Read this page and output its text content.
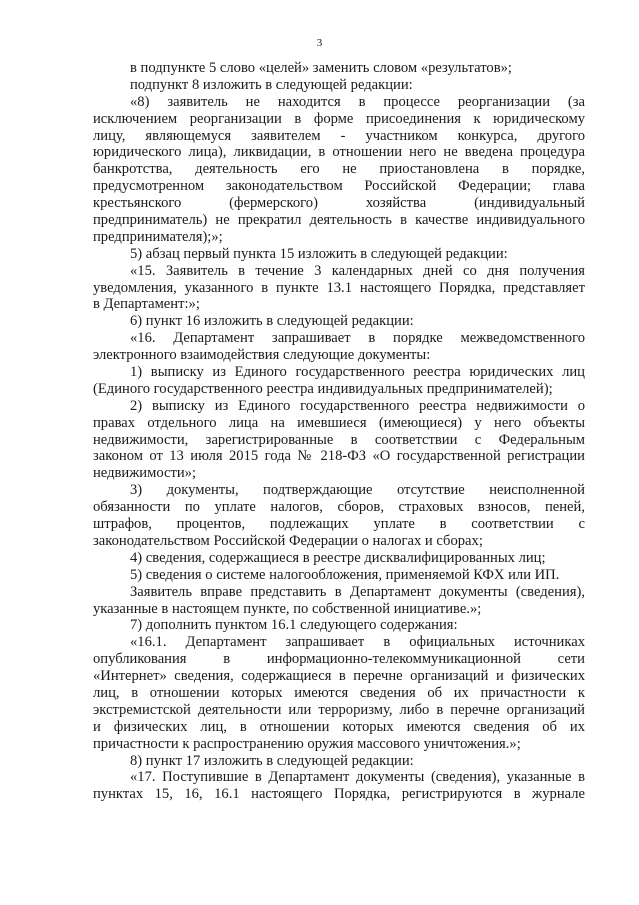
3
в подпункте 5 слово «целей» заменить словом «результатов»;
подпункт 8 изложить в следующей редакции:
«8) заявитель не находится в процессе реорганизации (за
исключением реорганизации в форме присоединения к юридическому
лицу, являющемуся заявителем - участником конкурса, другого
юридического лица), ликвидации, в отношении него не введена процедура
банкротства, деятельность его не приостановлена в порядке,
предусмотренном законодательством Российской Федерации; глава
крестьянского (фермерского) хозяйства (индивидуальный
предприниматель) не прекратил деятельность в качестве индивидуального
предпринимателя);»;
5) абзац первый пункта 15 изложить в следующей редакции:
«15. Заявитель в течение 3 календарных дней со дня получения
уведомления, указанного в пункте 13.1 настоящего Порядка, представляет
в Департамент:»;
6) пункт 16 изложить в следующей редакции:
«16. Департамент запрашивает в порядке межведомственного
электронного взаимодействия следующие документы:
1) выписку из Единого государственного реестра юридических лиц
(Единого государственного реестра индивидуальных предпринимателей);
2) выписку из Единого государственного реестра недвижимости о
правах отдельного лица на имевшиеся (имеющиеся) у него объекты
недвижимости, зарегистрированные в соответствии с Федеральным
законом от 13 июля 2015 года № 218-ФЗ «О государственной регистрации
недвижимости»;
3) документы, подтверждающие отсутствие неисполненной
обязанности по уплате налогов, сборов, страховых взносов, пеней,
штрафов, процентов, подлежащих уплате в соответствии с
законодательством Российской Федерации о налогах и сборах;
4) сведения, содержащиеся в реестре дисквалифицированных лиц;
5) сведения о системе налогообложения, применяемой КФХ или ИП.
Заявитель вправе представить в Департамент документы (сведения),
указанные в настоящем пункте, по собственной инициативе.»;
7) дополнить пунктом 16.1 следующего содержания:
«16.1. Департамент запрашивает в официальных источниках
опубликования в информационно-телекоммуникационной сети
«Интернет» сведения, содержащиеся в перечне организаций и физических
лиц, в отношении которых имеются сведения об их причастности к
экстремистской деятельности или терроризму, либо в перечне организаций
и физических лиц, в отношении которых имеются сведения об их
причастности к распространению оружия массового уничтожения.»;
8) пункт 17 изложить в следующей редакции:
«17. Поступившие в Департамент документы (сведения), указанные в
пунктах 15, 16, 16.1 настоящего Порядка, регистрируются в журнале
